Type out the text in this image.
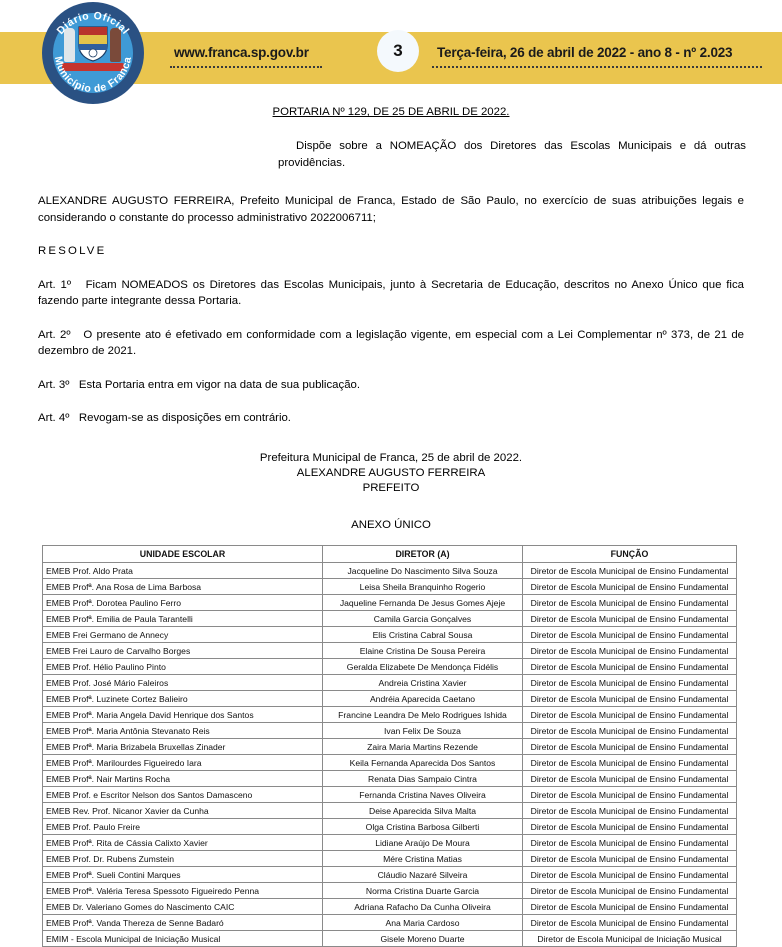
Diário Oficial
Município de Franca	www.franca.sp.gov.br	3	Terça-feira, 26 de abril de 2022 - ano 8 - nº 2.023
PORTARIA Nº 129, DE 25 DE ABRIL DE 2022.
Dispõe sobre a NOMEAÇÃO dos Diretores das Escolas Municipais e dá outras providências.
ALEXANDRE AUGUSTO FERREIRA, Prefeito Municipal de Franca, Estado de São Paulo, no exercício de suas atribuições legais e considerando o constante do processo administrativo 2022006711;
RESOLVE
Art. 1º Ficam NOMEADOS os Diretores das Escolas Municipais, junto à Secretaria de Educação, descritos no Anexo Único que fica fazendo parte integrante dessa Portaria.
Art. 2º O presente ato é efetivado em conformidade com a legislação vigente, em especial com a Lei Complementar nº 373, de 21 de dezembro de 2021.
Art. 3º Esta Portaria entra em vigor na data de sua publicação.
Art. 4º Revogam-se as disposições em contrário.
Prefeitura Municipal de Franca, 25 de abril de 2022.
ALEXANDRE AUGUSTO FERREIRA
PREFEITO
ANEXO ÚNICO
UNIDADE ESCOLAR	DIRETOR (A)	FUNÇÃO
EMEB Prof. Aldo Prata	Jacqueline Do Nascimento Silva Souza	Diretor de Escola Municipal de Ensino Fundamental
EMEB Profª. Ana Rosa de Lima Barbosa	Leisa Sheila Branquinho Rogerio	Diretor de Escola Municipal de Ensino Fundamental
EMEB Profª. Dorotea Paulino Ferro	Jaqueline Fernanda De Jesus Gomes Ajeje	Diretor de Escola Municipal de Ensino Fundamental
EMEB Profª. Emilia de Paula Tarantelli	Camila Garcia Gonçalves	Diretor de Escola Municipal de Ensino Fundamental
EMEB Frei Germano de Annecy	Elis Cristina Cabral Sousa	Diretor de Escola Municipal de Ensino Fundamental
EMEB Frei Lauro de Carvalho Borges	Elaine Cristina De Sousa Pereira	Diretor de Escola Municipal de Ensino Fundamental
EMEB Prof. Hélio Paulino Pinto	Geralda Elizabete De Mendonça Fidélis	Diretor de Escola Municipal de Ensino Fundamental
EMEB Prof. José Mário Faleiros	Andreia Cristina Xavier	Diretor de Escola Municipal de Ensino Fundamental
EMEB Profª. Luzinete Cortez Balieiro	Andréia Aparecida Caetano	Diretor de Escola Municipal de Ensino Fundamental
EMEB Profª. Maria Angela David Henrique dos Santos	Francine Leandra De Melo Rodrigues Ishida	Diretor de Escola Municipal de Ensino Fundamental
EMEB Profª. Maria Antônia Stevanato Reis	Ivan Felix De Souza	Diretor de Escola Municipal de Ensino Fundamental
EMEB Profª. Maria Brizabela Bruxellas Zinader	Zaira Maria Martins Rezende	Diretor de Escola Municipal de Ensino Fundamental
EMEB Profª. Marilourdes Figueiredo Iara	Keila Fernanda Aparecida Dos Santos	Diretor de Escola Municipal de Ensino Fundamental
EMEB Profª. Nair Martins Rocha	Renata Dias Sampaio Cintra	Diretor de Escola Municipal de Ensino Fundamental
EMEB Prof. e Escritor Nelson dos Santos Damasceno	Fernanda Cristina Naves Oliveira	Diretor de Escola Municipal de Ensino Fundamental
EMEB Rev. Prof. Nicanor Xavier da Cunha	Deise Aparecida Silva Malta	Diretor de Escola Municipal de Ensino Fundamental
EMEB Prof. Paulo Freire	Olga Cristina Barbosa Gilberti	Diretor de Escola Municipal de Ensino Fundamental
EMEB Profª. Rita de Cássia Calixto Xavier	Lidiane Araújo De Moura	Diretor de Escola Municipal de Ensino Fundamental
EMEB Prof. Dr. Rubens Zumstein	Mére Cristina Matias	Diretor de Escola Municipal de Ensino Fundamental
EMEB Profª. Sueli Contini Marques	Cláudio Nazaré Silveira	Diretor de Escola Municipal de Ensino Fundamental
EMEB Profª. Valéria Teresa Spessoto Figueiredo Penna	Norma Cristina Duarte Garcia	Diretor de Escola Municipal de Ensino Fundamental
EMEB Dr. Valeriano Gomes do Nascimento CAIC	Adriana Rafacho Da Cunha Oliveira	Diretor de Escola Municipal de Ensino Fundamental
EMEB Profª. Vanda Thereza de Senne Badaró	Ana Maria Cardoso	Diretor de Escola Municipal de Ensino Fundamental
EMIM - Escola Municipal de Iniciação Musical	Gisele Moreno Duarte	Diretor de Escola Municipal de Iniciação Musical
